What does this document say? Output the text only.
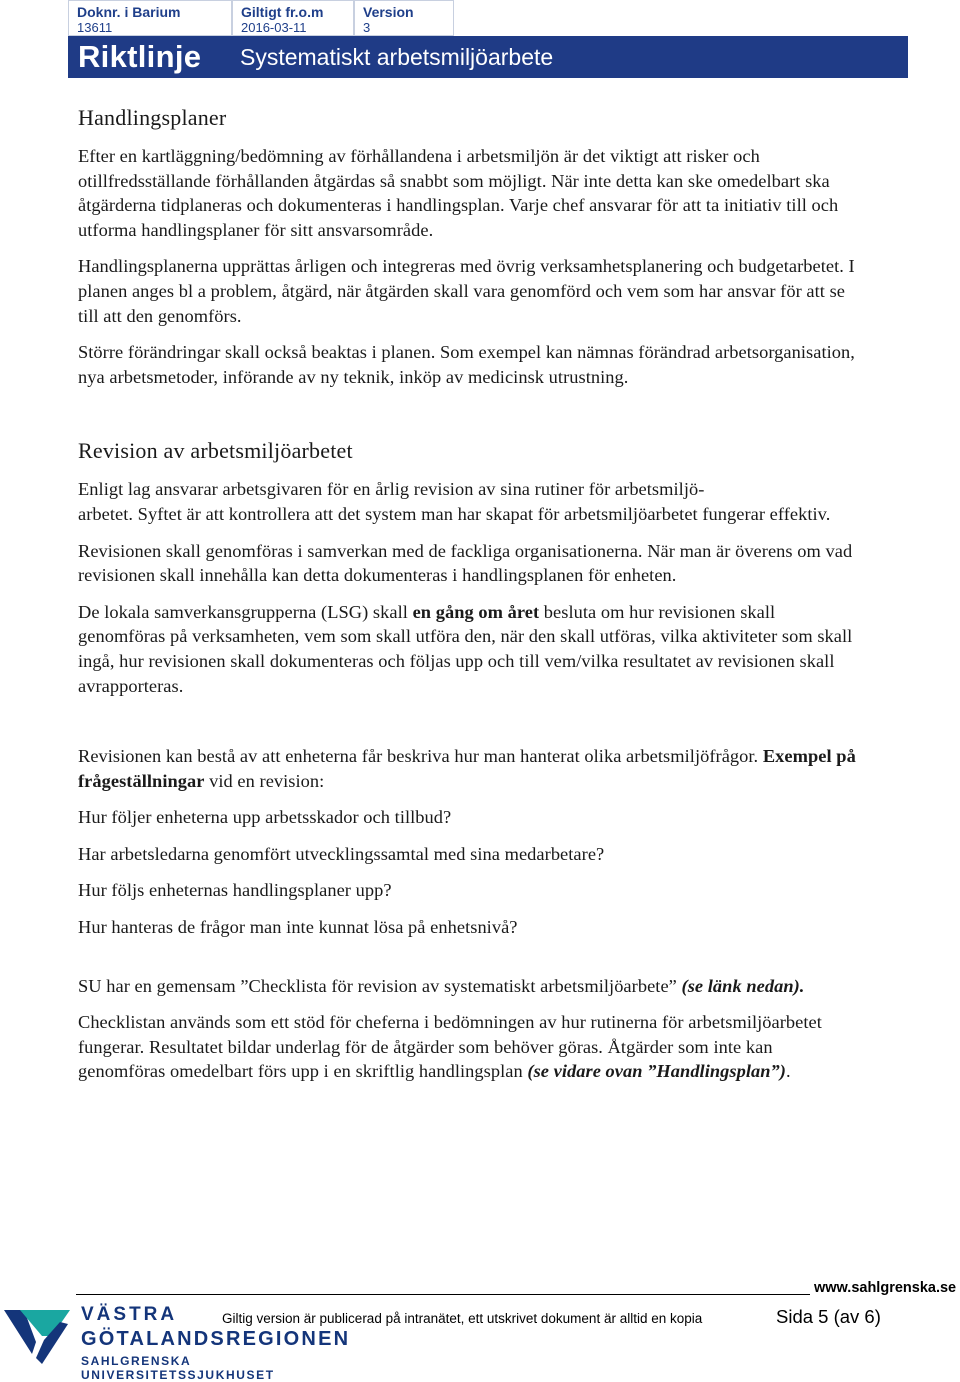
Doknr. i Barium
13611
Giltigt fr.o.m
2016-03-11
Version
3
Riktlinje Systematiskt arbetsmiljöarbete
Handlingsplaner

Efter en kartläggning/bedömning av förhållandena i arbetsmiljön är det viktigt att risker och otillfredsställande förhållanden åtgärdas så snabbt som möjligt. När inte detta kan ske omedelbart ska åtgärderna tidplaneras och dokumenteras i handlingsplan. Varje chef ansvarar för att ta initiativ till och utforma handlingsplaner för sitt ansvarsområde.

Handlingsplanerna upprättas årligen och integreras med övrig verksamhetsplanering och budgetarbetet. I planen anges bl a problem, åtgärd, när åtgärden skall vara genomförd och vem som har ansvar för att se till att den genomförs.

Större förändringar skall också beaktas i planen. Som exempel kan nämnas förändrad arbetsorganisation, nya arbetsmetoder, införande av ny teknik, inköp av medicinsk utrustning.

Revision av arbetsmiljöarbetet

Enligt lag ansvarar arbetsgivaren för en årlig revision av sina rutiner för arbetsmiljö-
arbetet. Syftet är att kontrollera att det system man har skapat för arbetsmiljöarbetet fungerar effektiv.

Revisionen skall genomföras i samverkan med de fackliga organisationerna. När man är överens om vad revisionen skall innehålla kan detta dokumenteras i handlingsplanen för enheten.

De lokala samverkansgrupperna (LSG) skall en gång om året besluta om hur revisionen skall genomföras på verksamheten, vem som skall utföra den, när den skall utföras, vilka aktiviteter som skall ingå, hur revisionen skall dokumenteras och följas upp och till vem/vilka resultatet av revisionen skall avrapporteras.

Revisionen kan bestå av att enheterna får beskriva hur man hanterat olika arbetsmiljöfrågor. Exempel på frågeställningar vid en revision:

Hur följer enheterna upp arbetsskador och tillbud?

Har arbetsledarna genomfört utvecklingssamtal med sina medarbetare?

Hur följs enheternas handlingsplaner upp?

Hur hanteras de frågor man inte kunnat lösa på enhetsnivå?

SU har en gemensam ”Checklista för revision av systematiskt arbetsmiljöarbete” (se länk nedan).

Checklistan används som ett stöd för cheferna i bedömningen av hur rutinerna för arbetsmiljöarbetet fungerar. Resultatet bildar underlag för de åtgärder som behöver göras. Åtgärder som inte kan genomföras omedelbart förs upp i en skriftlig handlingsplan (se vidare ovan ”Handlingsplan”).

www.sahlgrenska.se
VÄSTRA
GÖTALANDSREGIONEN
SAHLGRENSKA UNIVERSITETSSJUKHUSET
Giltig version är publicerad på intranätet, ett utskrivet dokument är alltid en kopia	Sida 5 (av 6)
